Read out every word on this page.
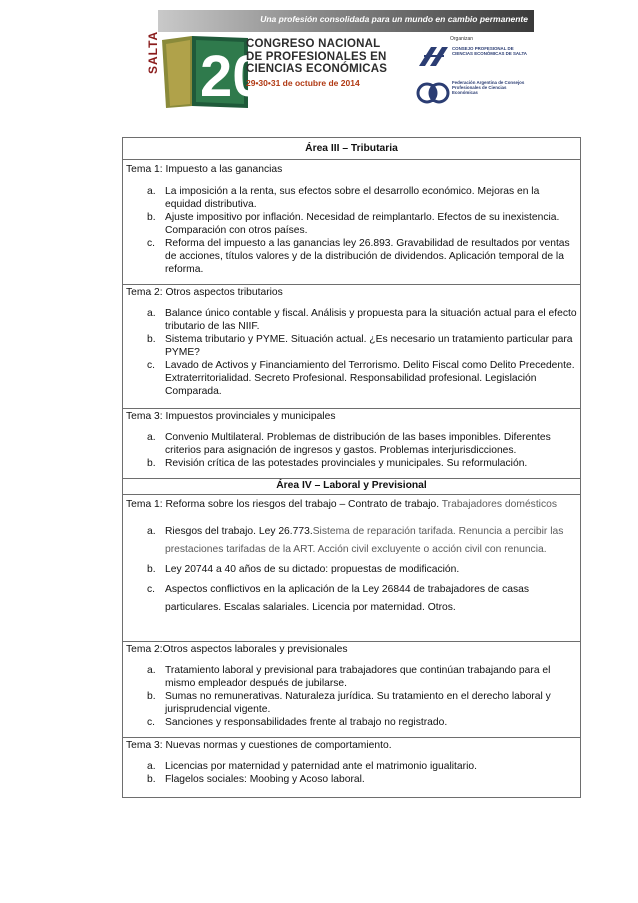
Una profesión consolidada para un mundo en cambio permanente
20
SALTA	CONGRESO NACIONAL
DE PROFESIONALES EN
CIENCIAS ECONÓMICAS
29•30•31 de octubre de 2014
Organizan
CONSEJO PROFESIONAL DE CIENCIAS ECONÓMICAS DE SALTA
Federación Argentina de Consejos Profesionales de Ciencias Económicas
Área III – Tributaria

Tema 1: Impuesto a las ganancias
a. La imposición a la renta, sus efectos sobre el desarrollo económico. Mejoras en la equidad distributiva.
b. Ajuste impositivo por inflación. Necesidad de reimplantarlo. Efectos de su inexistencia. Comparación con otros países.
c. Reforma del impuesto a las ganancias ley 26.893. Gravabilidad de resultados por ventas de acciones, títulos valores y de la distribución de dividendos. Aplicación temporal de la reforma.

Tema 2: Otros aspectos tributarios
a. Balance único contable y fiscal. Análisis y propuesta para la situación actual para el efecto tributario de las NIIF.
b. Sistema tributario y PYME. Situación actual. ¿Es necesario un tratamiento particular para PYME?
c. Lavado de Activos y Financiamiento del Terrorismo. Delito Fiscal como Delito Precedente. Extraterritorialidad. Secreto Profesional. Responsabilidad profesional. Legislación Comparada.

Tema 3: Impuestos provinciales y municipales
a. Convenio Multilateral. Problemas de distribución de las bases imponibles. Diferentes criterios para asignación de ingresos y gastos. Problemas interjurisdicciones.
b. Revisión crítica de las potestades provinciales y municipales. Su reformulación.

Área IV – Laboral y Previsional

Tema 1: Reforma sobre los riesgos del trabajo – Contrato de trabajo. Trabajadores domésticos
a. Riesgos del trabajo. Ley 26.773.Sistema de reparación tarifada. Renuncia a percibir las prestaciones tarifadas de la ART. Acción civil excluyente o acción civil con renuncia.
b. Ley 20744 a 40 años de su dictado: propuestas de modificación.
c. Aspectos conflictivos en la aplicación de la Ley 26844 de trabajadores de casas particulares. Escalas salariales. Licencia por maternidad. Otros.

Tema 2:Otros aspectos laborales y previsionales
a. Tratamiento laboral y previsional para trabajadores que continúan trabajando para el mismo empleador después de jubilarse.
b. Sumas no remunerativas. Naturaleza jurídica. Su tratamiento en el derecho laboral y jurisprudencial vigente.
c. Sanciones y responsabilidades frente al trabajo no registrado.

Tema 3: Nuevas normas y cuestiones de comportamiento.
a. Licencias por maternidad y paternidad ante el matrimonio igualitario.
b. Flagelos sociales: Moobing y Acoso laboral.
